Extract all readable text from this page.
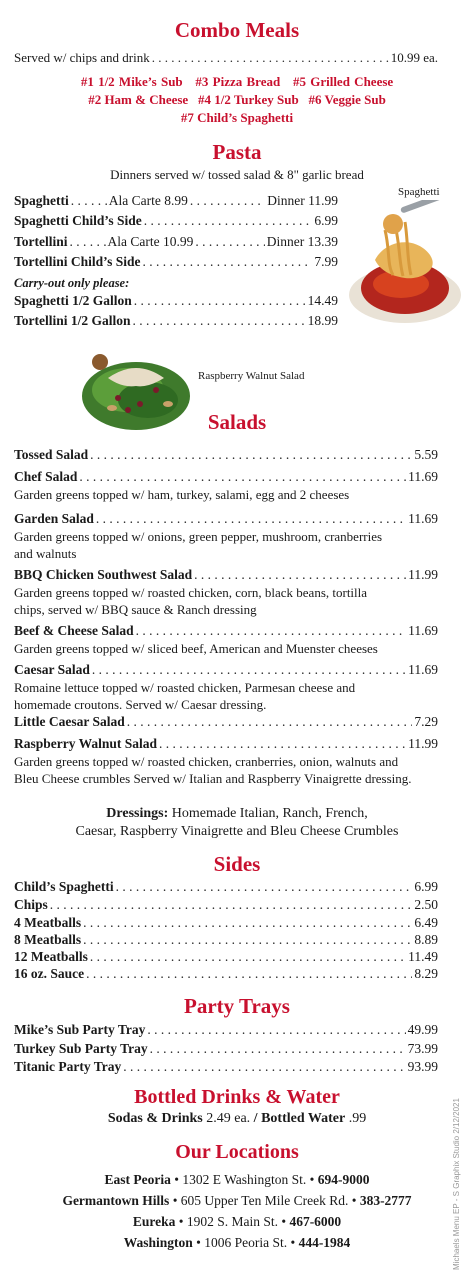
Combo Meals
Served w/ chips and drink . . .	10.99 ea.
#1 1/2 Mike’s Sub #3 Pizza Bread #5 Grilled Cheese
#2 Ham & Cheese #4 1/2 Turkey Sub #6 Veggie Sub
#7 Child’s Spaghetti
Pasta
Dinners served w/ tossed salad & 8" garlic bread
Spaghetti
Spaghetti . . .	Ala Carte 8.99 . . .	Dinner 11.99
Spaghetti Child’s Side . . .	6.99
Tortellini . . .	Ala Carte 10.99 . . .	Dinner 13.39
Tortellini Child’s Side . . .	7.99
Carry-out only please:
Spaghetti 1/2 Gallon . . .	14.49
Tortellini 1/2 Gallon . . .	18.99
Raspberry Walnut Salad
Salads
Tossed Salad . . .	5.59
Chef Salad . . .	11.69
Garden greens topped w/ ham, turkey, salami, egg and 2 cheeses
Garden Salad . . .	11.69
Garden greens topped w/ onions, green pepper, mushroom, cranberries and walnuts
BBQ Chicken Southwest Salad . . .	11.99
Garden greens topped w/ roasted chicken, corn, black beans, tortilla chips, served w/ BBQ sauce & Ranch dressing
Beef & Cheese Salad . . .	11.69
Garden greens topped w/ sliced beef, American and Muenster cheeses
Caesar Salad . . .	11.69
Romaine lettuce topped w/ roasted chicken, Parmesan cheese and homemade croutons. Served w/ Caesar dressing.
Little Caesar Salad . . .	7.29
Raspberry Walnut Salad . . .	11.99
Garden greens topped w/ roasted chicken, cranberries, onion, walnuts and Bleu Cheese crumbles Served w/ Italian and Raspberry Vinaigrette dressing.
Dressings: Homemade Italian, Ranch, French,
Caesar, Raspberry Vinaigrette and Bleu Cheese Crumbles
Sides
Child’s Spaghetti . . .	6.99
Chips . . .	2.50
4 Meatballs . . .	6.49
8 Meatballs . . .	8.89
12 Meatballs . . .	11.49
16 oz. Sauce . . .	8.29
Party Trays
Mike’s Sub Party Tray . . .	49.99
Turkey Sub Party Tray . . .	73.99
Titanic Party Tray . . .	93.99
Bottled Drinks & Water
Sodas & Drinks 2.49 ea. / Bottled Water .99
Our Locations
East Peoria • 1302 E Washington St. • 694-9000
Germantown Hills • 605 Upper Ten Mile Creek Rd. • 383-2777
Eureka • 1902 S. Main St. • 467-6000
Washington • 1006 Peoria St. • 444-1984	Michaels Menu EP - S Graphix Studio 2/12/2021
